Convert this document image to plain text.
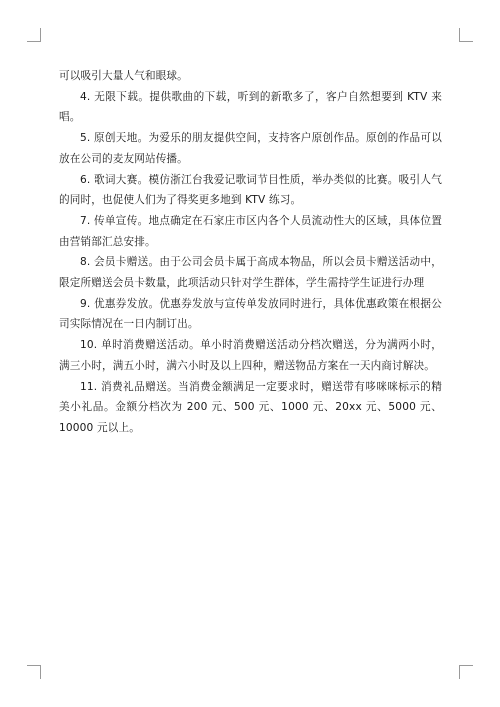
可以吸引大量人气和眼球。

4. 无限下载。提供歌曲的下载，听到的新歌多了，客户自然想要到 KTV 来唱。

5. 原创天地。为爱乐的朋友提供空间，支持客户原创作品。原创的作品可以放在公司的麦友网站传播。

6. 歌词大赛。模仿浙江台我爱记歌词节目性质，举办类似的比赛。吸引人气的同时，也促使人们为了得奖更多地到 KTV 练习。

7. 传单宣传。地点确定在石家庄市区内各个人员流动性大的区域，具体位置由营销部汇总安排。

8. 会员卡赠送。由于公司会员卡属于高成本物品，所以会员卡赠送活动中，限定所赠送会员卡数量，此项活动只针对学生群体，学生需持学生证进行办理

9. 优惠券发放。优惠券发放与宣传单发放同时进行，具体优惠政策在根据公司实际情况在一日内制订出。

10. 单时消费赠送活动。单小时消费赠送活动分档次赠送，分为满两小时，满三小时，满五小时，满六小时及以上四种，赠送物品方案在一天内商讨解决。

11. 消费礼品赠送。当消费金额满足一定要求时，赠送带有哆咪咪标示的精美小礼品。金额分档次为 200 元、500 元、1000 元、20xx 元、5000 元、10000 元以上。
